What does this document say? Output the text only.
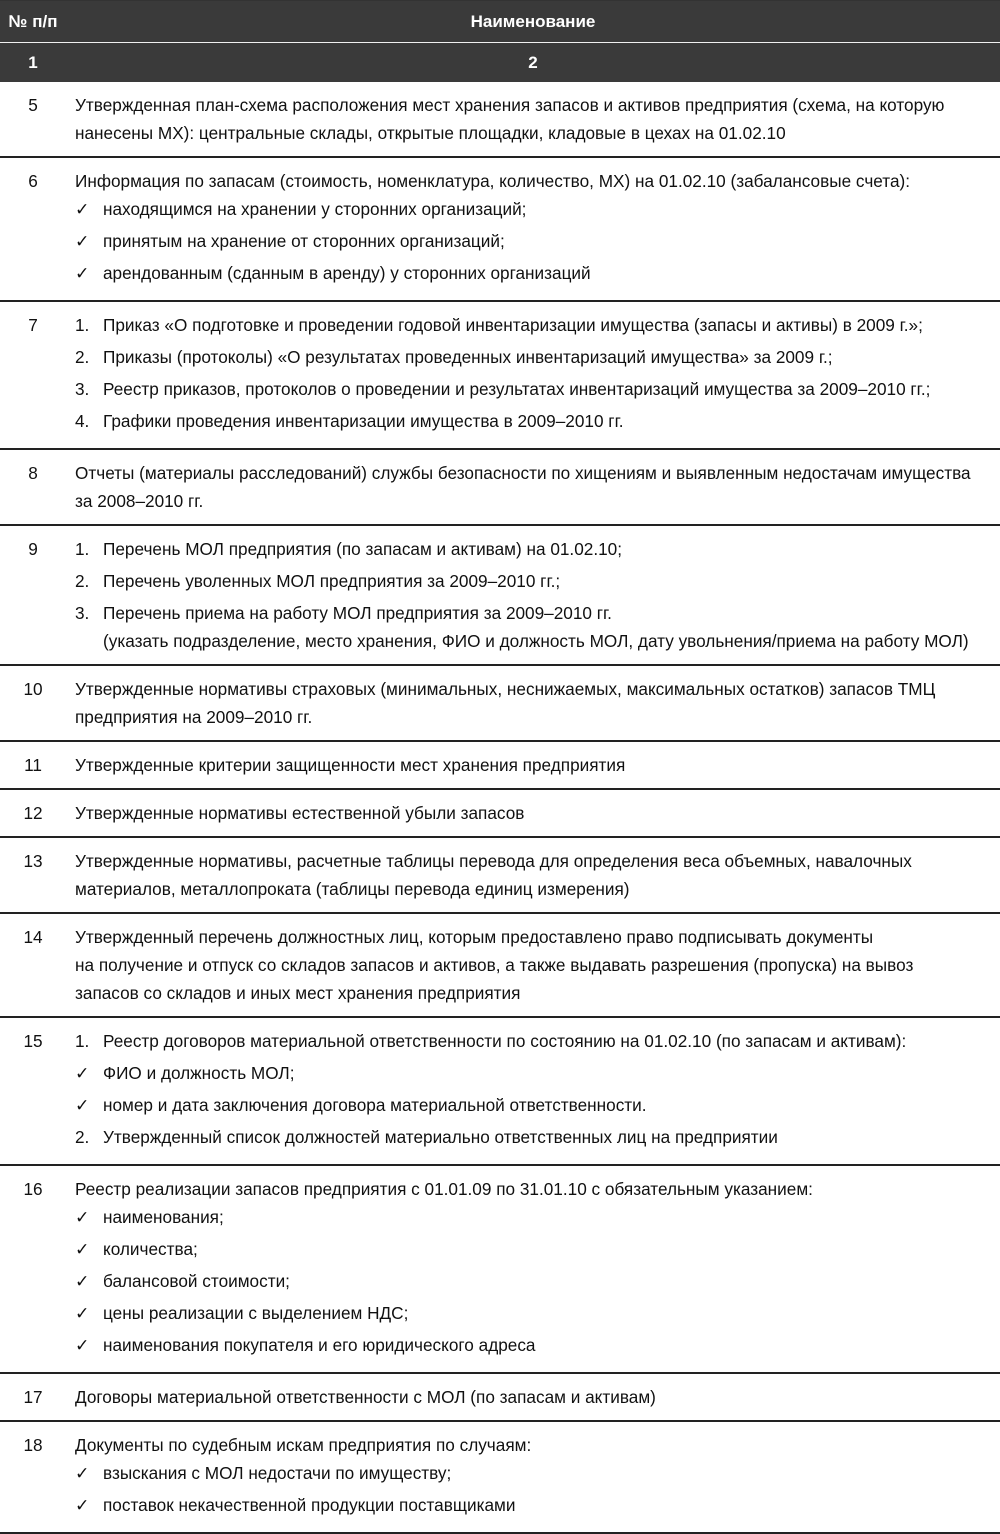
№ п/п	Наименование
1	2
5	Утвержденная план-схема расположения мест хранения запасов и активов предприятия (схема, на которую
нанесены МХ): центральные склады, открытые площадки, кладовые в цехах на 01.02.10
6	Информация по запасам (стоимость, номенклатура, количество, МХ) на 01.02.10 (забалансовые счета):
✓ находящимся на хранении у сторонних организаций;
✓ принятым на хранение от сторонних организаций;
✓ арендованным (сданным в аренду) у сторонних организаций
7	1. Приказ «О подготовке и проведении годовой инвентаризации имущества (запасы и активы) в 2009 г.»;
2. Приказы (протоколы) «О результатах проведенных инвентаризаций имущества» за 2009 г.;
3. Реестр приказов, протоколов о проведении и результатах инвентаризаций имущества за 2009–2010 гг.;
4. Графики проведения инвентаризации имущества в 2009–2010 гг.
8	Отчеты (материалы расследований) службы безопасности по хищениям и выявленным недостачам имущества
за 2008–2010 гг.
9	1. Перечень МОЛ предприятия (по запасам и активам) на 01.02.10;
2. Перечень уволенных МОЛ предприятия за 2009–2010 гг.;
3. Перечень приема на работу МОЛ предприятия за 2009–2010 гг.
(указать подразделение, место хранения, ФИО и должность МОЛ, дату увольнения/приема на работу МОЛ)
10	Утвержденные нормативы страховых (минимальных, неснижаемых, максимальных остатков) запасов ТМЦ
предприятия на 2009–2010 гг.
11	Утвержденные критерии защищенности мест хранения предприятия
12	Утвержденные нормативы естественной убыли запасов
13	Утвержденные нормативы, расчетные таблицы перевода для определения веса объемных, навалочных
материалов, металлопроката (таблицы перевода единиц измерения)
14	Утвержденный перечень должностных лиц, которым предоставлено право подписывать документы
на получение и отпуск со складов запасов и активов, а также выдавать разрешения (пропуска) на вывоз
запасов со складов и иных мест хранения предприятия
15	1. Реестр договоров материальной ответственности по состоянию на 01.02.10 (по запасам и активам):
✓ ФИО и должность МОЛ;
✓ номер и дата заключения договора материальной ответственности.
2. Утвержденный список должностей материально ответственных лиц на предприятии
16	Реестр реализации запасов предприятия с 01.01.09 по 31.01.10 с обязательным указанием:
✓ наименования;
✓ количества;
✓ балансовой стоимости;
✓ цены реализации с выделением НДС;
✓ наименования покупателя и его юридического адреса
17	Договоры материальной ответственности с МОЛ (по запасам и активам)
18	Документы по судебным искам предприятия по случаям:
✓ взыскания с МОЛ недостачи по имуществу;
✓ поставок некачественной продукции поставщиками
